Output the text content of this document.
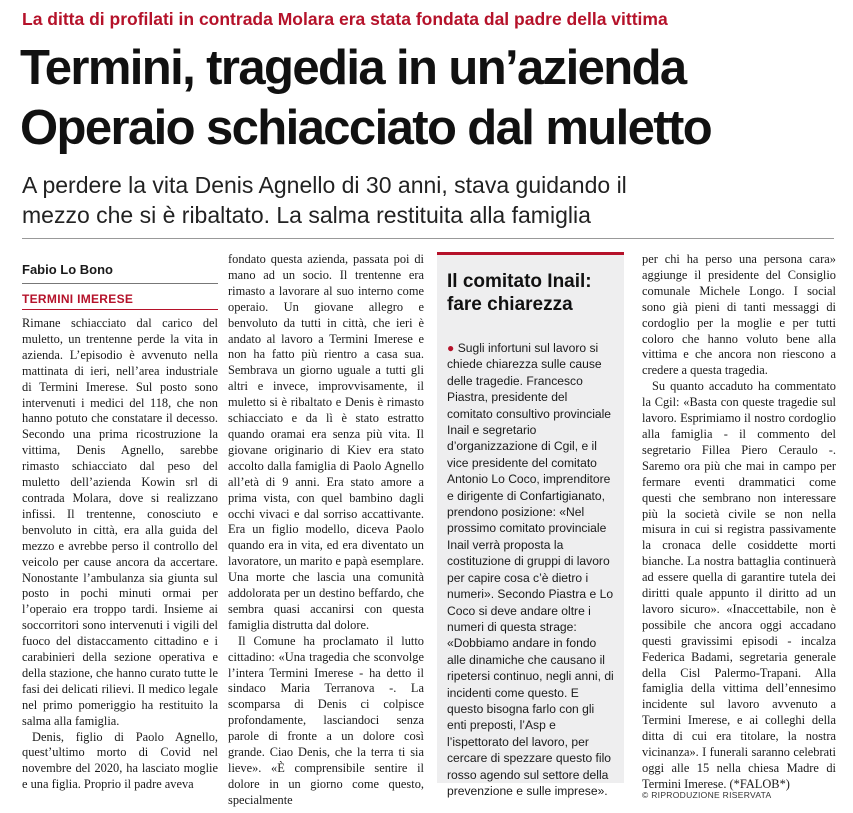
La ditta di profilati in contrada Molara era stata fondata dal padre della vittima
Termini, tragedia in un’azienda
Operaio schiacciato dal muletto
A perdere la vita Denis Agnello di 30 anni, stava guidando il
mezzo che si è ribaltato. La salma restituita alla famiglia
Fabio Lo Bono
TERMINI IMERESE

Rimane schiacciato dal carico del muletto, un trentenne perde la vita in azienda. L’episodio è avvenuto nella mattinata di ieri, nell’area industriale di Termini Imerese. Sul posto sono intervenuti i medici del 118, che non hanno potuto che constatare il decesso. Secondo una prima ricostruzione la vittima, Denis Agnello, sarebbe rimasto schiacciato dal peso del muletto dell’azienda Kowin srl di contrada Molara, dove si realizzano infissi. Il trentenne, conosciuto e benvoluto in città, era alla guida del mezzo e avrebbe perso il controllo del veicolo per cause ancora da accertare. Nonostante l’ambulanza sia giunta sul posto in pochi minuti ormai per l’operaio era troppo tardi. Insieme ai soccorritori sono intervenuti i vigili del fuoco del distaccamento cittadino e i carabinieri della sezione operativa e della stazione, che hanno curato tutte le fasi dei delicati rilievi. Il medico legale nel primo pomeriggio ha restituito la salma alla famiglia.

Denis, figlio di Paolo Agnello, quest’ultimo morto di Covid nel novembre del 2020, ha lasciato moglie e una figlia. Proprio il padre aveva

fondato questa azienda, passata poi di mano ad un socio. Il trentenne era rimasto a lavorare al suo interno come operaio. Un giovane allegro e benvoluto da tutti in città, che ieri è andato al lavoro a Termini Imerese e non ha fatto più rientro a casa sua. Sembrava un giorno uguale a tutti gli altri e invece, improvvisamente, il muletto si è ribaltato e Denis è rimasto schiacciato e da lì è stato estratto quando oramai era senza più vita. Il giovane originario di Kiev era stato accolto dalla famiglia di Paolo Agnello all’età di 9 anni. Era stato amore a prima vista, con quel bambino dagli occhi vivaci e dal sorriso accattivante. Era un figlio modello, diceva Paolo quando era in vita, ed era diventato un lavoratore, un marito e papà esemplare. Una morte che lascia una comunità addolorata per un destino beffardo, che sembra quasi accanirsi con questa famiglia distrutta dal dolore.

Il Comune ha proclamato il lutto cittadino: «Una tragedia che sconvolge l’intera Termini Imerese - ha detto il sindaco Maria Terranova -. La scomparsa di Denis ci colpisce profondamente, lasciandoci senza parole di fronte a un dolore così grande. Ciao Denis, che la terra ti sia lieve». «È comprensibile sentire il dolore in un giorno come questo, specialmente

Il comitato Inail: fare chiarezza
● Sugli infortuni sul lavoro si chiede chiarezza sulle cause delle tragedie. Francesco Piastra, presidente del comitato consultivo provinciale Inail e segretario d’organizzazione di Cgil, e il vice presidente del comitato Antonio Lo Coco, imprenditore e dirigente di Confartigianato, prendono posizione: «Nel prossimo comitato provinciale Inail verrà proposta la costituzione di gruppi di lavoro per capire cosa c’è dietro i numeri». Secondo Piastra e Lo Coco si deve andare oltre i numeri di questa strage: «Dobbiamo andare in fondo alle dinamiche che causano il ripetersi continuo, negli anni, di incidenti come questo. E questo bisogna farlo con gli enti preposti, l’Asp e l’ispettorato del lavoro, per cercare di spezzare questo filo rosso agendo sul settore della prevenzione e sulle imprese».

per chi ha perso una persona cara» aggiunge il presidente del Consiglio comunale Michele Longo. I social sono già pieni di tanti messaggi di cordoglio per la moglie e per tutti coloro che hanno voluto bene alla vittima e che ancora non riescono a credere a questa tragedia.

Su quanto accaduto ha commentato la Cgil: «Basta con queste tragedie sul lavoro. Esprimiamo il nostro cordoglio alla famiglia - il commento del segretario Fillea Piero Ceraulo -. Saremo ora più che mai in campo per fermare eventi drammatici come questi che sembrano non interessare più la società civile se non nella misura in cui si registra passivamente la cronaca delle cosiddette morti bianche. La nostra battaglia continuerà ad essere quella di garantire tutela dei diritti quale appunto il diritto ad un lavoro sicuro». «Inaccettabile, non è possibile che ancora oggi accadano questi gravissimi episodi - incalza Federica Badami, segretaria generale della Cisl Palermo-Trapani. Alla famiglia della vittima dell’ennesimo incidente sul lavoro avvenuto a Termini Imerese, e ai colleghi della ditta di cui era titolare, la nostra vicinanza». I funerali saranno celebrati oggi alle 15 nella chiesa Madre di Termini Imerese. (*FALOB*)

© RIPRODUZIONE RISERVATA
